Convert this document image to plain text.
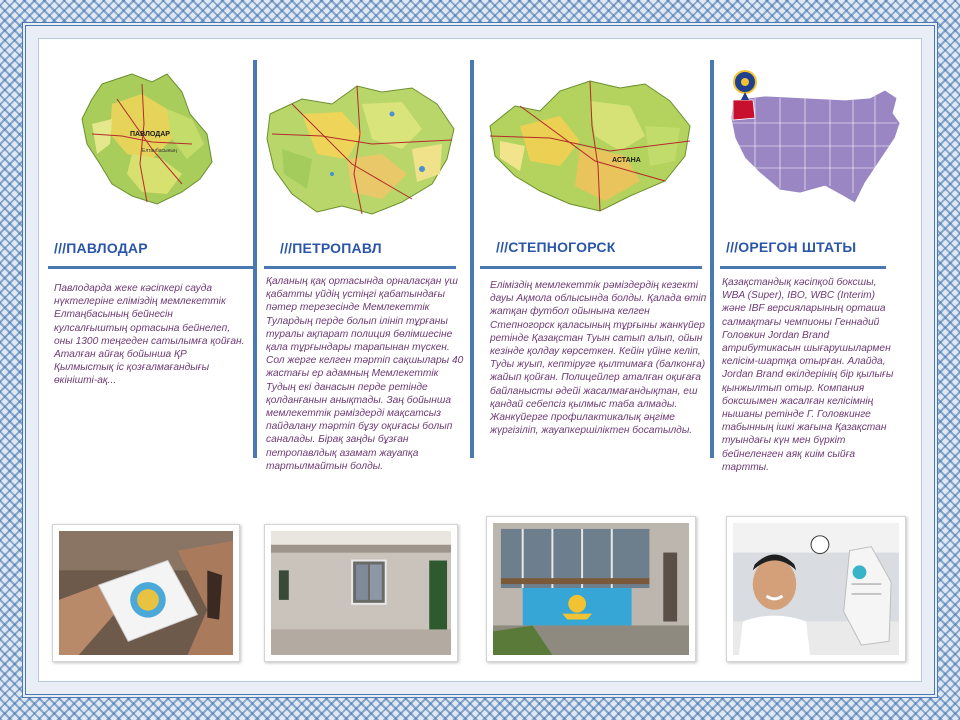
ПАВЛОДАР
Елтанбасының
АСТАНА
///ПАВЛОДАР	///ПЕТРОПАВЛ	///СТЕПНОГОРСК	///ОРЕГОН ШТАТЫ
Павлодарда жеке кәсіпкері сауда нүктелеріне еліміздің мемлекеттік Елтаңбасының бейнесін кулсалғыштың ортасына бейнелеп, оны 1300 теңгеден сатылымға қойған. Аталған айғақ бойынша ҚР Қылмыстық іс қозғалмағандығы өкінішті-ақ...
Қаланың қақ ортасында орналасқан үш қабатты үйдің үстіңгі қабатындағы пәтер терезесінде Мемлекеттік Тулардың перде болып ілініп тұрғаны туралы ақпарат полиция бөлімшесіне қала тұрғындары тарапынан түскен. Сол жерге келген тәртіп сақшылары 40 жастағы ер адамның Мемлекеттік Тудың екі данасын перде ретінде қолданғанын анықтады. Заң бойынша мемлекеттік рәміздерді мақсатсыз пайдалану тәртіп бұзу оқиғасы болып саналады. Бірақ заңды бұзған петропавлдық азамат жауапқа тартылмайтын болды.
Еліміздің мемлекеттік рәміздердің кезекті дауы Ақмола облысында болды. Қалада өтіп жатқан футбол ойынына келген Степногорск қаласының тұрғыны жанкүйер ретінде Қазақстан Туын сатып алып, ойын кезінде қолдау көрсеткен. Кейін үйіне келіп, Туды жуып, кептіруге қылтимаға (балконға) жайып қойған. Полицейлер аталған оқиғаға байланысты әдейі жасалмағандықтан, еш қандай себепсіз қылмыс таба алмады. Жанкүйерге профилактикалық әңгіме жүргізіліп, жауапкершіліктен босатылды.
Қазақстандық кәсіпқой боксшы, WBA (Super), IBO, WBC (Interim) және IBF версияларының орташа салмақтағы чемпионы Геннадий Головкин Jordan Brand атрибутикасын шығарушылармен келісім-шартқа отырған. Алайда, Jordan Brand өкілдерінің бір қылығы қынжылтып отыр. Компания боксшымен жасалған келісімнің нышаны ретінде Г. Головкинге табынның ішкі жағына Қазақстан туындағы күн мен бүркіт бейнеленген аяқ киім сыйға тартты.
